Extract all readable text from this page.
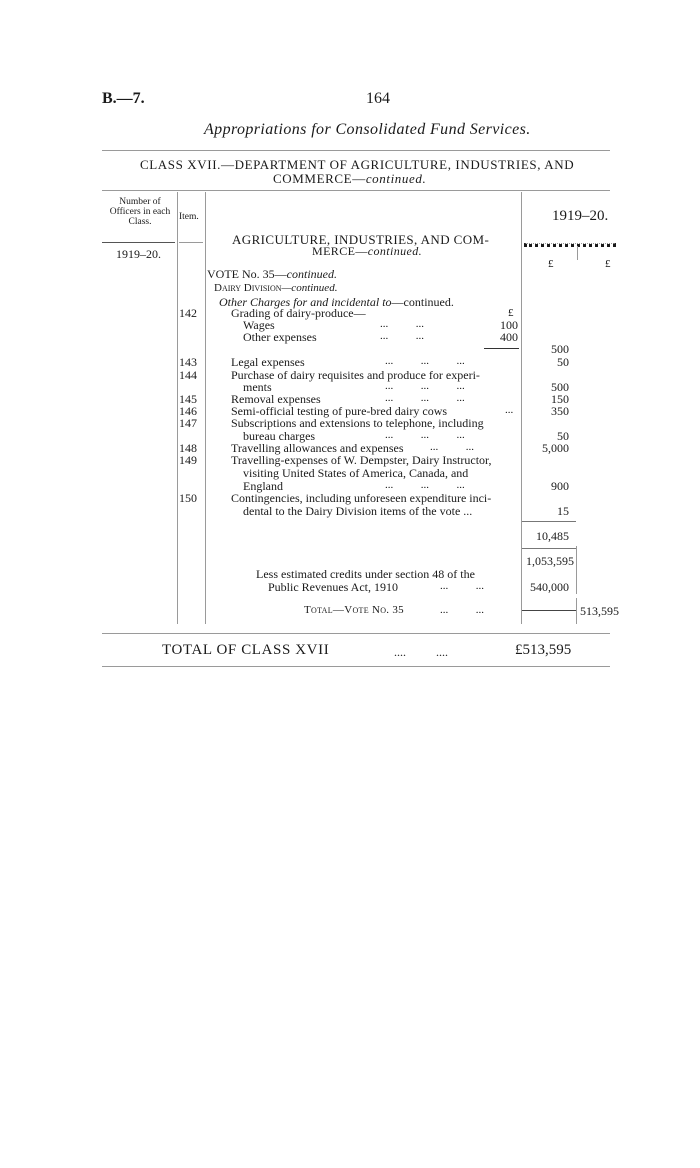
B.—7.	164
Appropriations for Consolidated Fund Services.
CLASS XVII.—DEPARTMENT OF AGRICULTURE, INDUSTRIES, AND
COMMERCE—continued.
Number of
Officers in each
Class.	Item.
1919–20.
1919–20.
£	£
AGRICULTURE, INDUSTRIES, AND COM-
MERCE—continued.
VOTE No. 35—continued.
Dairy Division—continued.
Other Charges for and incidental to—continued.
142	Grading of dairy-produce—	£
Wages	...          ...	100
Other expenses	...          ...	400
500
143	Legal expenses	...          ...          ...	50
144	Purchase of dairy requisites and produce for experi-
ments	...          ...          ...	500
145	Removal expenses	...          ...          ...	150
146	Semi-official testing of pure-bred dairy cows	...	350
147	Subscriptions and extensions to telephone, including
bureau charges	...          ...          ...	50
148	Travelling allowances and expenses ...          ...	5,000
149	Travelling-expenses of W. Dempster, Dairy Instructor,
visiting United States of America, Canada, and
England	...          ...          ...	900
150	Contingencies, including unforeseen expenditure inci-
dental to the Dairy Division items of the vote ...	15
10,485
1,053,595
Less estimated credits under section 48 of the
Public Revenues Act, 1910	...          ...	540,000
Total—Vote No. 35	...          ...	513,595
TOTAL OF CLASS XVII	....          ....	£513,595
